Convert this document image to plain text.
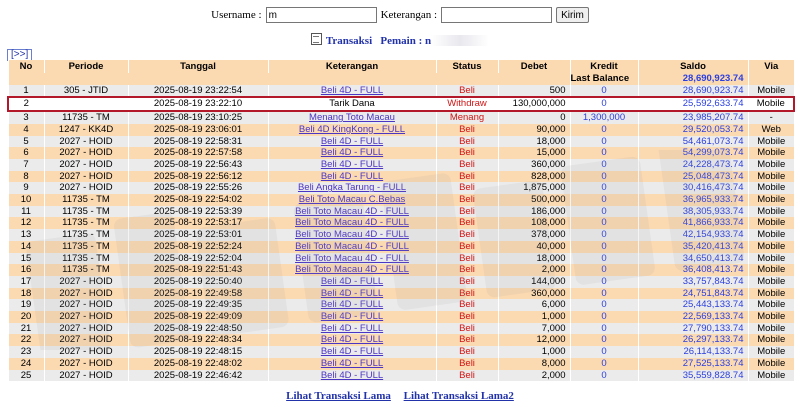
Username :
m	Keterangan :	Kirim
Transaksi Pemain : n
[>>]
No	Periode	Tanggal	Keterangan	Status	Debet	Kredit	Saldo	Via
						Last Balance	28,690,923.74	
1	305 - JTID	2025-08-19 23:22:54	Beli 4D - FULL	Beli	500	0	28,690,923.74	Mobile
2		2025-08-19 23:22:10	Tarik Dana	Withdraw	130,000,000	0	25,592,633.74	Mobile
3	11735 - TM	2025-08-19 23:10:25	Menang Toto Macau	Menang	0	1,300,000	23,985,207.74	-
4	1247 - KK4D	2025-08-19 23:06:01	Beli 4D KingKong - FULL	Beli	90,000	0	29,520,053.74	Web
5	2027 - HOID	2025-08-19 22:58:31	Beli 4D - FULL	Beli	18,000	0	54,461,073.74	Mobile
6	2027 - HOID	2025-08-19 22:57:58	Beli 4D - FULL	Beli	15,000	0	54,299,073.74	Mobile
7	2027 - HOID	2025-08-19 22:56:43	Beli 4D - FULL	Beli	360,000	0	24,228,473.74	Mobile
8	2027 - HOID	2025-08-19 22:56:12	Beli 4D - FULL	Beli	828,000	0	25,048,473.74	Mobile
9	2027 - HOID	2025-08-19 22:55:26	Beli Angka Tarung - FULL	Beli	1,875,000	0	30,416,473.74	Mobile
10	11735 - TM	2025-08-19 22:54:02	Beli Toto Macau C.Bebas	Beli	500,000	0	36,965,933.74	Mobile
11	11735 - TM	2025-08-19 22:53:39	Beli Toto Macau 4D - FULL	Beli	186,000	0	38,305,933.74	Mobile
12	11735 - TM	2025-08-19 22:53:17	Beli Toto Macau 4D - FULL	Beli	108,000	0	41,866,933.74	Mobile
13	11735 - TM	2025-08-19 22:53:01	Beli Toto Macau 4D - FULL	Beli	378,000	0	42,154,933.74	Mobile
14	11735 - TM	2025-08-19 22:52:24	Beli Toto Macau 4D - FULL	Beli	40,000	0	35,420,413.74	Mobile
15	11735 - TM	2025-08-19 22:52:04	Beli Toto Macau 4D - FULL	Beli	18,000	0	34,650,413.74	Mobile
16	11735 - TM	2025-08-19 22:51:43	Beli Toto Macau 4D - FULL	Beli	2,000	0	36,408,413.74	Mobile
17	2027 - HOID	2025-08-19 22:50:40	Beli 4D - FULL	Beli	144,000	0	33,757,843.74	Mobile
18	2027 - HOID	2025-08-19 22:49:58	Beli 4D - FULL	Beli	360,000	0	24,751,843.74	Mobile
19	2027 - HOID	2025-08-19 22:49:35	Beli 4D - FULL	Beli	6,000	0	25,443,133.74	Mobile
20	2027 - HOID	2025-08-19 22:49:09	Beli 4D - FULL	Beli	1,000	0	22,569,133.74	Mobile
21	2027 - HOID	2025-08-19 22:48:50	Beli 4D - FULL	Beli	7,000	0	27,790,133.74	Mobile
22	2027 - HOID	2025-08-19 22:48:34	Beli 4D - FULL	Beli	12,000	0	26,297,133.74	Mobile
23	2027 - HOID	2025-08-19 22:48:15	Beli 4D - FULL	Beli	1,000	0	26,114,133.74	Mobile
24	2027 - HOID	2025-08-19 22:48:02	Beli 4D - FULL	Beli	8,000	0	27,525,133.74	Mobile
25	2027 - HOID	2025-08-19 22:46:42	Beli 4D - FULL	Beli	2,000	0	35,559,828.74	Mobile
Lihat Transaksi Lama Lihat Transaksi Lama2
